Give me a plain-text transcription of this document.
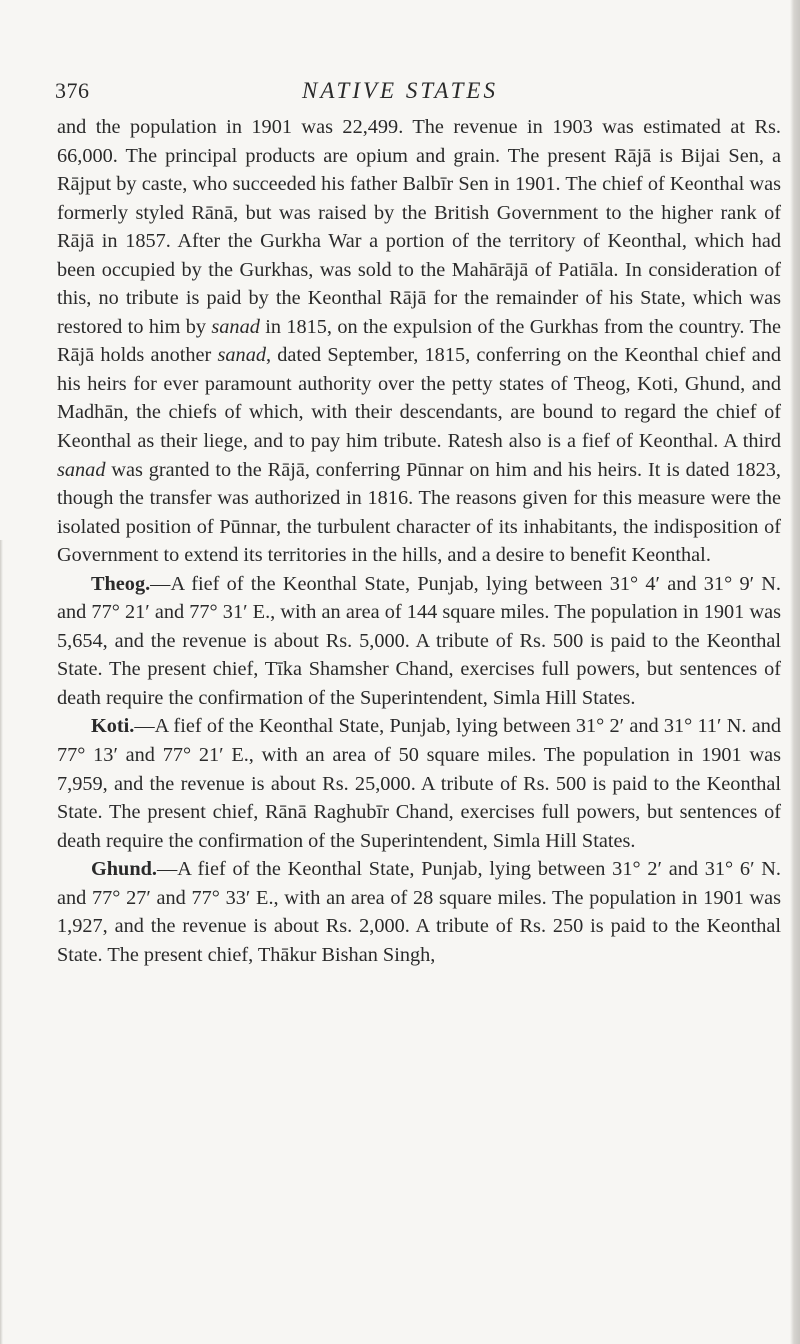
376	NATIVE STATES

and the population in 1901 was 22,499. The revenue in 1903 was estimated at Rs. 66,000. The principal products are opium and grain. The present Rājā is Bijai Sen, a Rājput by caste, who succeeded his father Balbīr Sen in 1901. The chief of Keonthal was formerly styled Rānā, but was raised by the British Government to the higher rank of Rājā in 1857. After the Gurkha War a portion of the territory of Keonthal, which had been occupied by the Gurkhas, was sold to the Mahārājā of Patiāla. In consideration of this, no tribute is paid by the Keonthal Rājā for the remainder of his State, which was restored to him by sanad in 1815, on the expulsion of the Gurkhas from the country. The Rājā holds another sanad, dated September, 1815, conferring on the Keonthal chief and his heirs for ever paramount authority over the petty states of Theog, Koti, Ghund, and Madhān, the chiefs of which, with their descendants, are bound to regard the chief of Keonthal as their liege, and to pay him tribute. Ratesh also is a fief of Keonthal. A third sanad was granted to the Rājā, conferring Pūnnar on him and his heirs. It is dated 1823, though the transfer was authorized in 1816. The reasons given for this measure were the isolated position of Pūnnar, the turbulent character of its inhabitants, the indisposition of Government to extend its territories in the hills, and a desire to benefit Keonthal.

Theog.—A fief of the Keonthal State, Punjab, lying between 31° 4′ and 31° 9′ N. and 77° 21′ and 77° 31′ E., with an area of 144 square miles. The population in 1901 was 5,654, and the revenue is about Rs. 5,000. A tribute of Rs. 500 is paid to the Keonthal State. The present chief, Tīka Shamsher Chand, exercises full powers, but sentences of death require the confirmation of the Superintendent, Simla Hill States.

Koti.—A fief of the Keonthal State, Punjab, lying between 31° 2′ and 31° 11′ N. and 77° 13′ and 77° 21′ E., with an area of 50 square miles. The population in 1901 was 7,959, and the revenue is about Rs. 25,000. A tribute of Rs. 500 is paid to the Keonthal State. The present chief, Rānā Raghubīr Chand, exercises full powers, but sentences of death require the confirmation of the Superintendent, Simla Hill States.

Ghund.—A fief of the Keonthal State, Punjab, lying between 31° 2′ and 31° 6′ N. and 77° 27′ and 77° 33′ E., with an area of 28 square miles. The population in 1901 was 1,927, and the revenue is about Rs. 2,000. A tribute of Rs. 250 is paid to the Keonthal State. The present chief, Thākur Bishan Singh,
